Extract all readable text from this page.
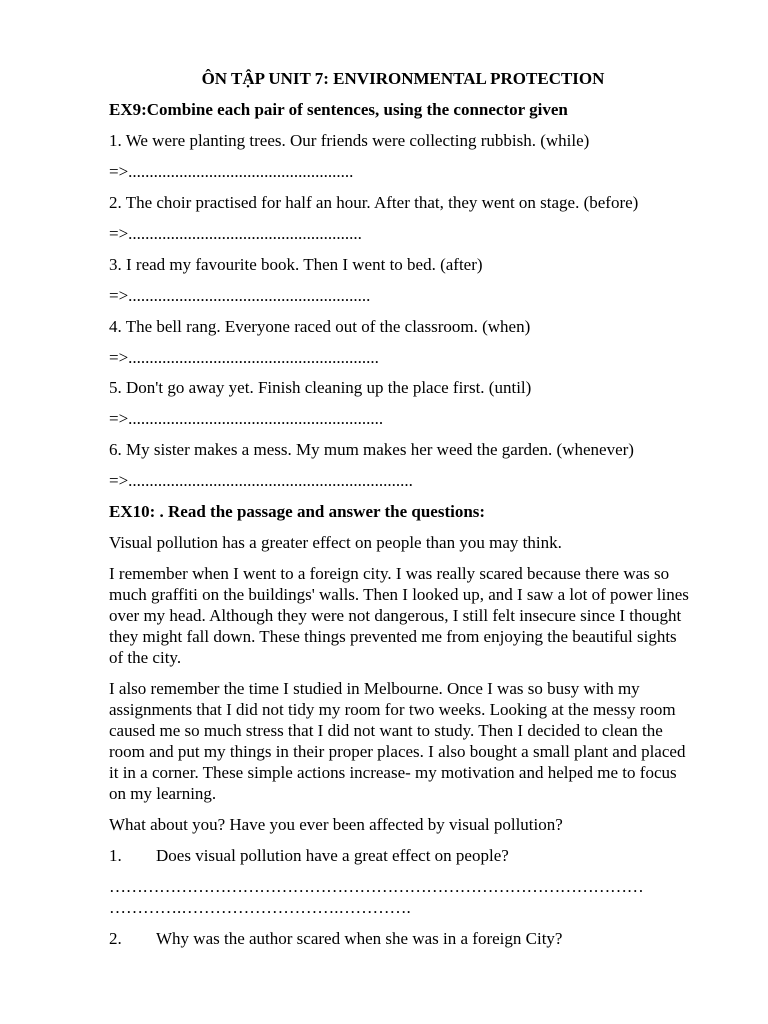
ÔN TẬP UNIT 7: ENVIRONMENTAL PROTECTION

EX9:Combine each pair of sentences, using the connector given

1. We were planting trees. Our friends were collecting rubbish. (while)

=>.....................................................

2. The choir practised for half an hour. After that, they went on stage. (before)

=>.......................................................

3. I read my favourite book. Then I went to bed. (after)

=>.........................................................

4. The bell rang. Everyone raced out of the classroom. (when)

=>...........................................................

5. Don't go away yet. Finish cleaning up the place first. (until)

=>............................................................

6. My sister makes a mess. My mum makes her weed the garden. (whenever)

=>...................................................................

EX10: . Read the passage and answer the questions:

Visual pollution has a greater effect on people than you may think.

I remember when I went to a foreign city. I was really scared because there was so much graffiti on the buildings' walls. Then I looked up, and I saw a lot of power lines over my head. Although they were not dangerous, I still felt insecure since I thought they might fall down. These things prevented me from enjoying the beautiful sights of the city.

I also remember the time I studied in Melbourne. Once I was so busy with my assignments that I did not tidy my room for two weeks. Looking at the messy room caused me so much stress that I did not want to study. Then I decided to clean the room and put my things in their proper places. I also bought a small plant and placed it in a corner. These simple actions increase- my motivation and helped me to focus on my learning.

What about you? Have you ever been affected by visual pollution?

1. Does visual pollution have a great effect on people?

……………………………………………………………………………………

………….……………………….………….

2. Why was the author scared when she was in a foreign City?
